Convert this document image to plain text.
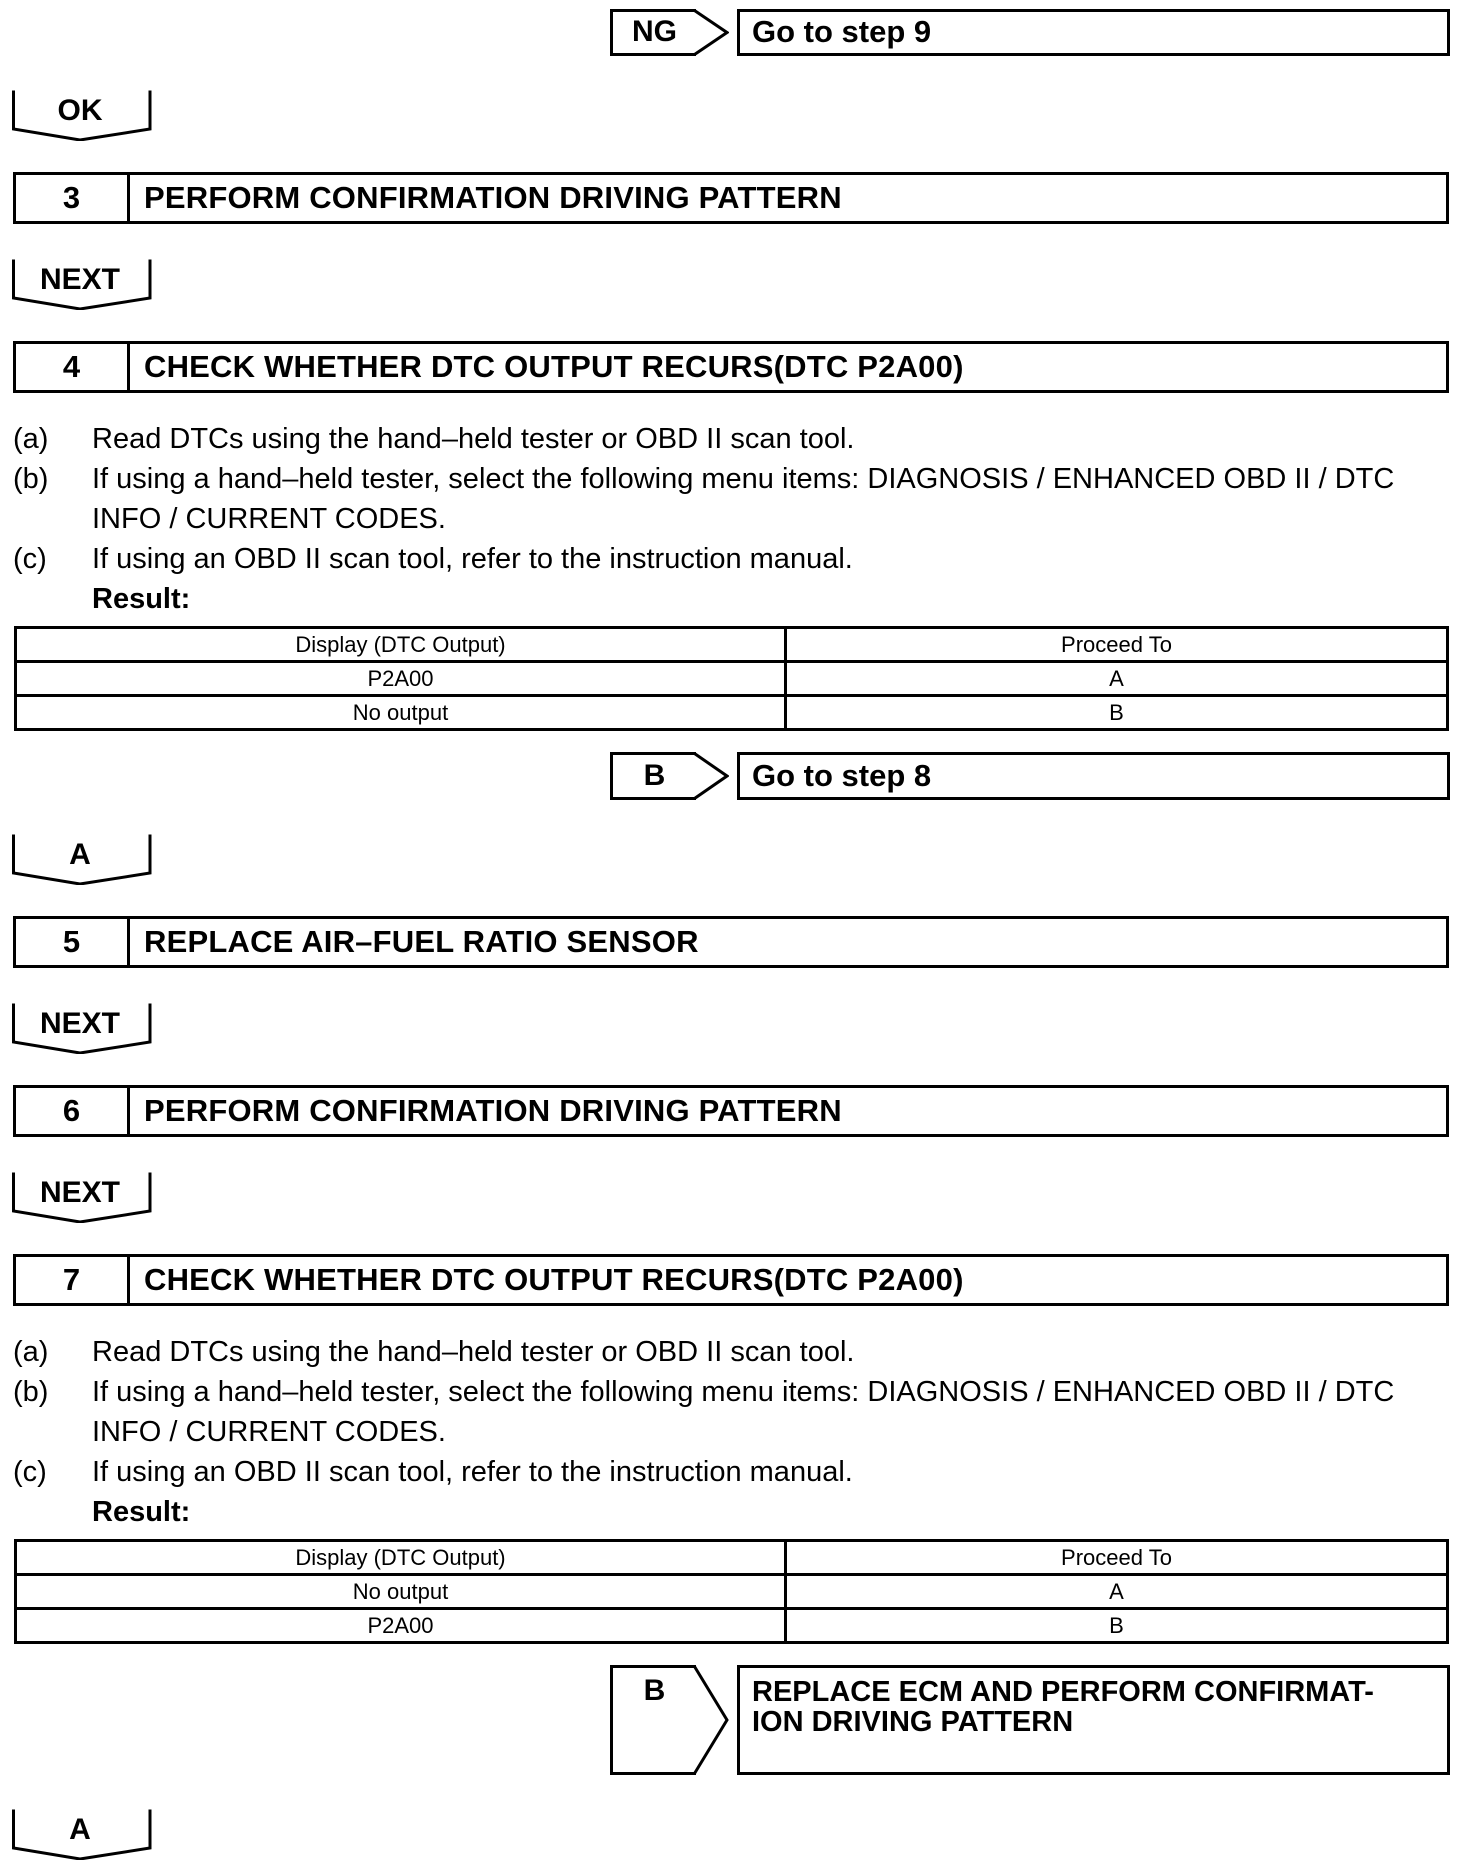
NG	Go to step 9
OK
3	PERFORM CONFIRMATION DRIVING PATTERN
NEXT
4	CHECK WHETHER DTC OUTPUT RECURS(DTC P2A00)
(a)	Read DTCs using the hand–held tester or OBD II scan tool.
(b)	If using a hand–held tester, select the following menu items: DIAGNOSIS / ENHANCED OBD II / DTC INFO / CURRENT CODES.
(c)	If using an OBD II scan tool, refer to the instruction manual.
Result:
Display (DTC Output)	Proceed To
P2A00	A
No output	B
B	Go to step 8
A
5	REPLACE AIR–FUEL RATIO SENSOR
NEXT
6	PERFORM CONFIRMATION DRIVING PATTERN
NEXT
7	CHECK WHETHER DTC OUTPUT RECURS(DTC P2A00)
(a)	Read DTCs using the hand–held tester or OBD II scan tool.
(b)	If using a hand–held tester, select the following menu items: DIAGNOSIS / ENHANCED OBD II / DTC INFO / CURRENT CODES.
(c)	If using an OBD II scan tool, refer to the instruction manual.
Result:
Display (DTC Output)	Proceed To
No output	A
P2A00	B
B	REPLACE ECM AND PERFORM CONFIRMAT-
ION DRIVING PATTERN
A
